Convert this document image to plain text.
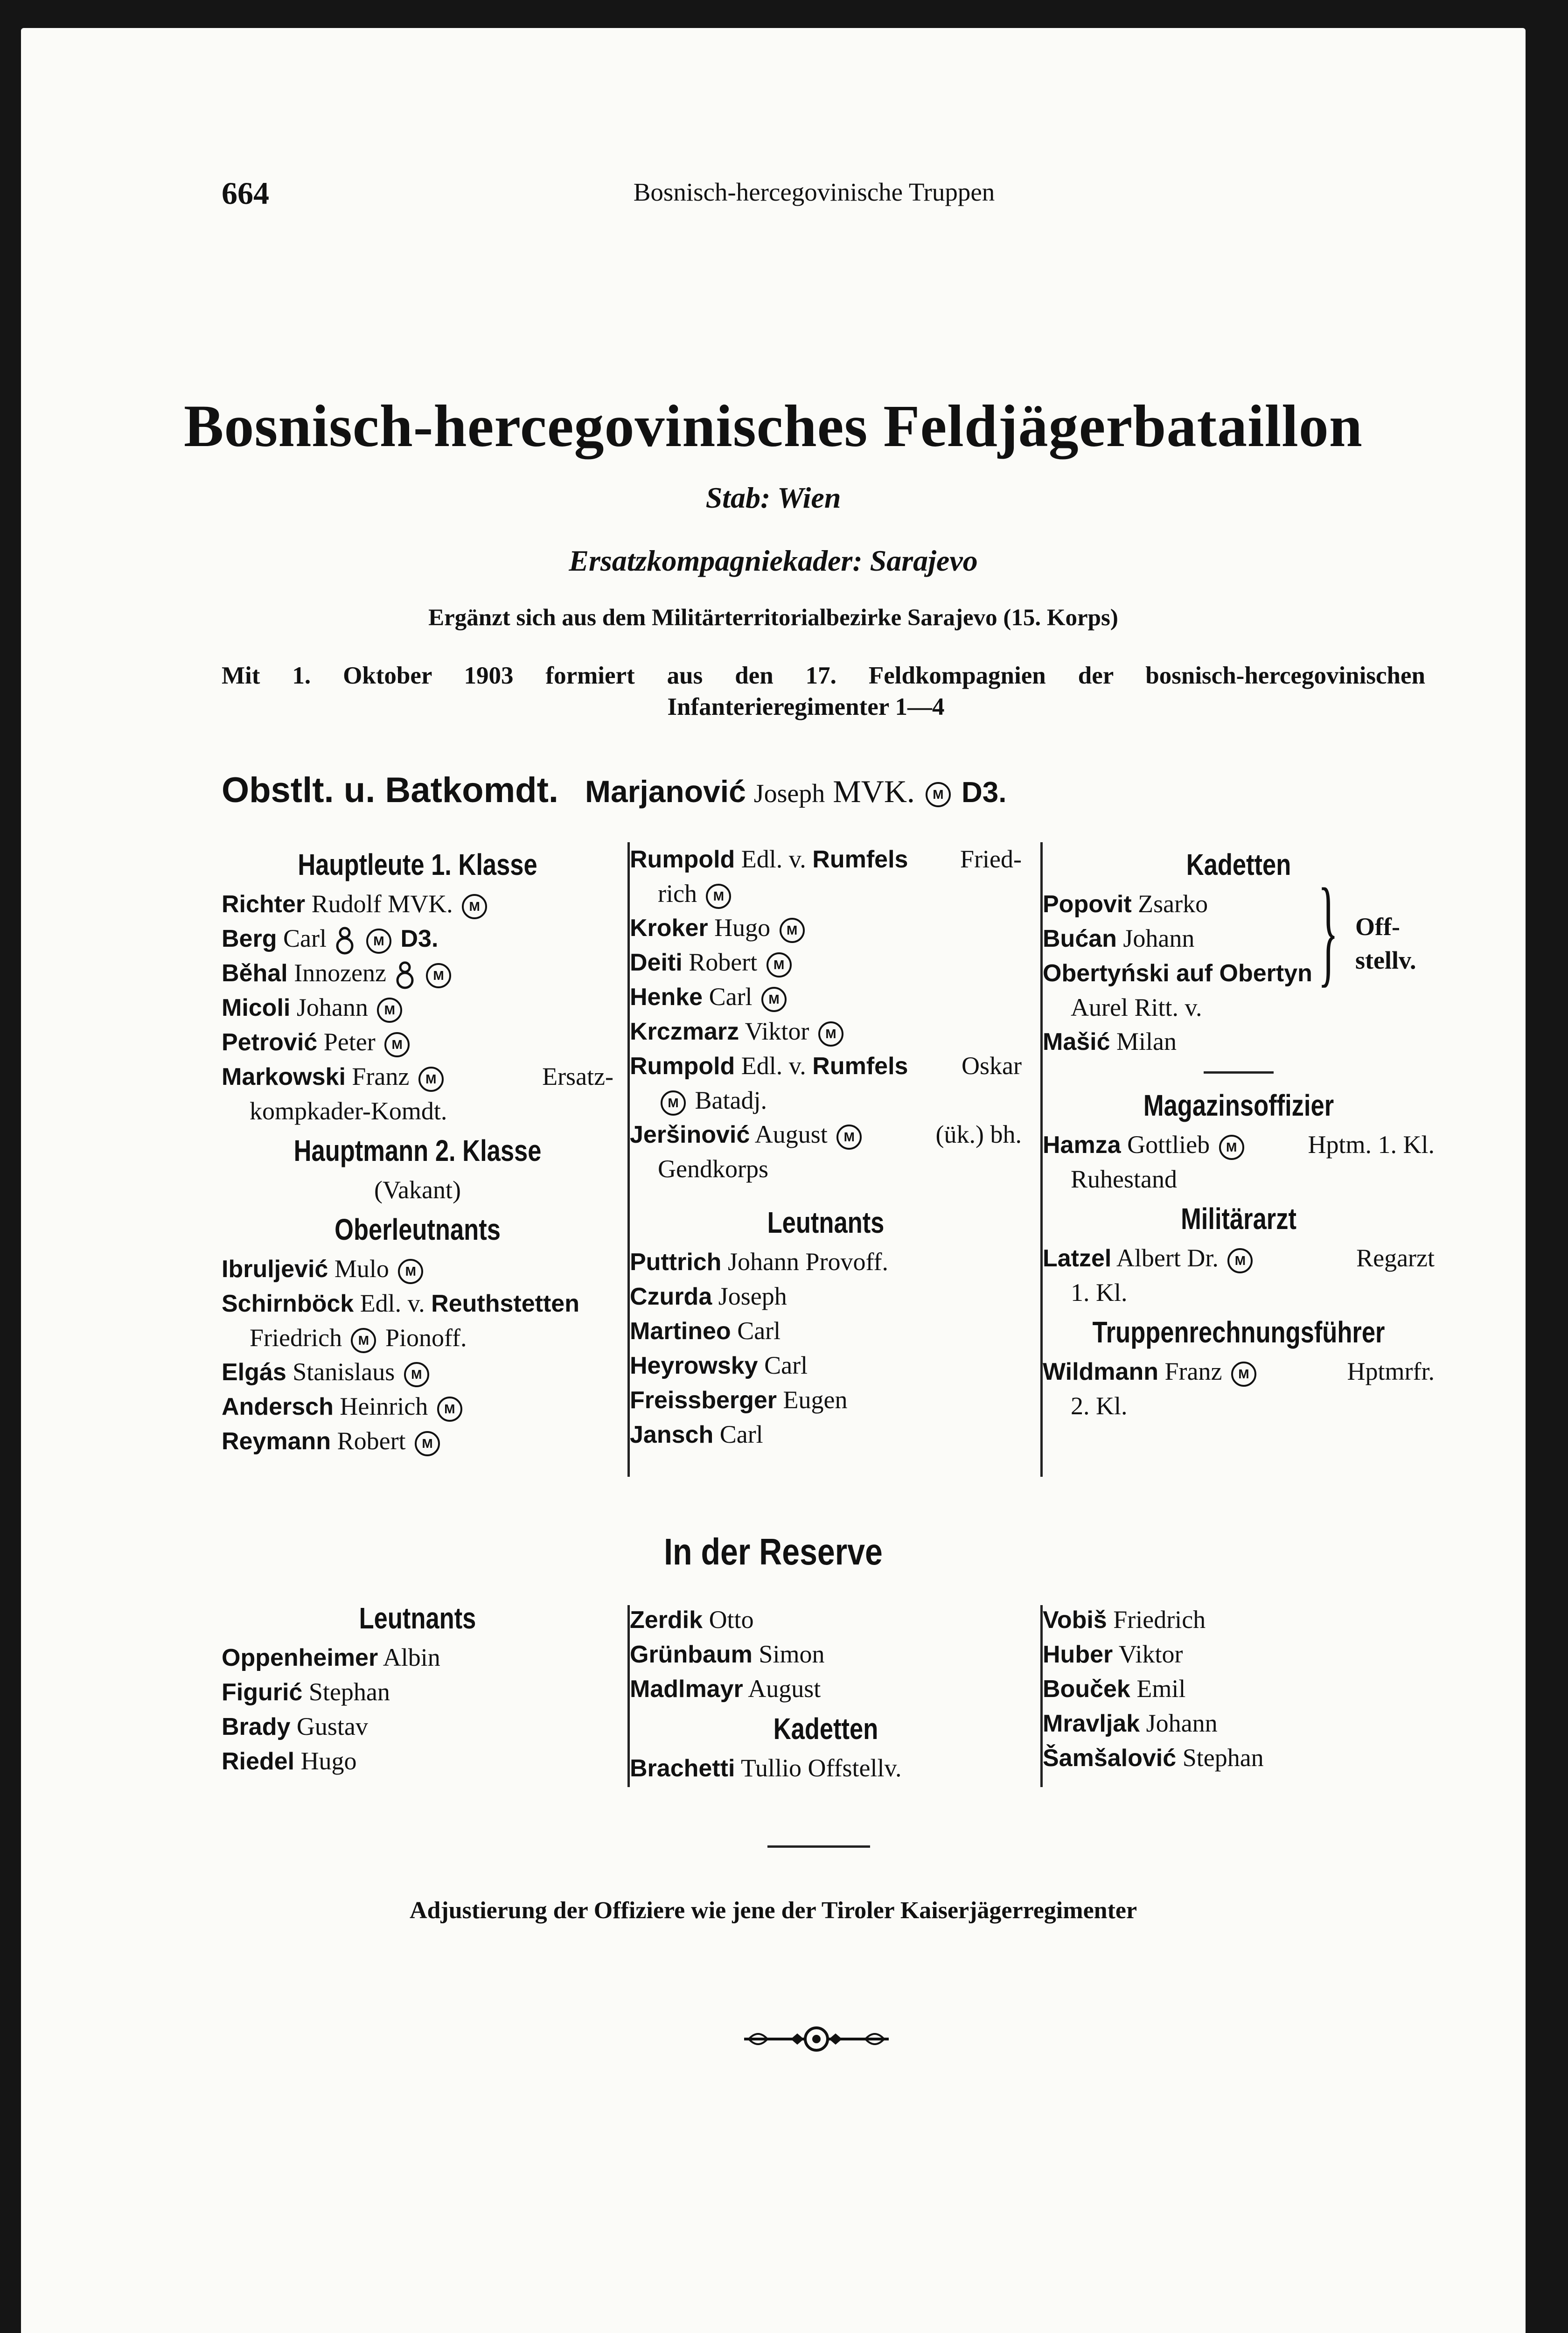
664	Bosnisch-hercegovinische Truppen
Bosnisch-hercegovinisches Feldjägerbataillon
Stab: Wien
Ersatzkompagniekader: Sarajevo
Ergänzt sich aus dem Militärterritorialbezirke Sarajevo (15. Korps)
Mit 1. Oktober 1903 formiert aus den 17. Feldkompagnien der bosnisch-hercegovinischen
Infanterieregimenter 1—4
Obstlt. u. Batkomdt. Marjanović Joseph MVK. M D3.
Hauptleute 1. Klasse
Richter Rudolf MVK. M
Berg Carl	M D3.
Běhal Innozenz	M
Micoli Johann M
Petrović Peter M
Markowski Franz M	Ersatz-
kompkader-Komdt.
Hauptmann 2. Klasse
(Vakant)
Oberleutnants
Ibruljević Mulo M
Schirnböck Edl. v. Reuthstetten
Friedrich M Pionoff.
Elgás Stanislaus M
Andersch Heinrich M
Reymann Robert M
Rumpold Edl. v. Rumfels Fried-
rich M
Kroker Hugo M
Deiti Robert M
Henke Carl M
Krczmarz Viktor M
Rumpold Edl. v. Rumfels Oskar
M Batadj.
Jeršinović August M	(ük.) bh.
Gendkorps
Leutnants
Puttrich Johann Provoff.
Czurda Joseph
Martineo Carl
Heyrowsky Carl
Freissberger Eugen
Jansch Carl
Kadetten
Popovit Zsarko
Bućan Johann
Obertyński auf Obertyn
Aurel Ritt. v.
Mašić Milan
Magazinsoffizier
Hamza Gottlieb M	Hptm. 1. Kl.
Ruhestand
Militärarzt
Latzel Albert Dr. M	Regarzt
1. Kl.
Truppenrechnungsführer
Wildmann Franz M	Hptmrfr.
2. Kl.
} Off-
stellv.
In der Reserve
Leutnants
Oppenheimer Albin
Figurić Stephan
Brady Gustav
Riedel Hugo
Zerdik Otto
Grünbaum Simon
Madlmayr August
Kadetten
Brachetti Tullio Offstellv.
Vobiš Friedrich
Huber Viktor
Bouček Emil
Mravljak Johann
Šamšalović Stephan
Adjustierung der Offiziere wie jene der Tiroler Kaiserjägerregimenter
